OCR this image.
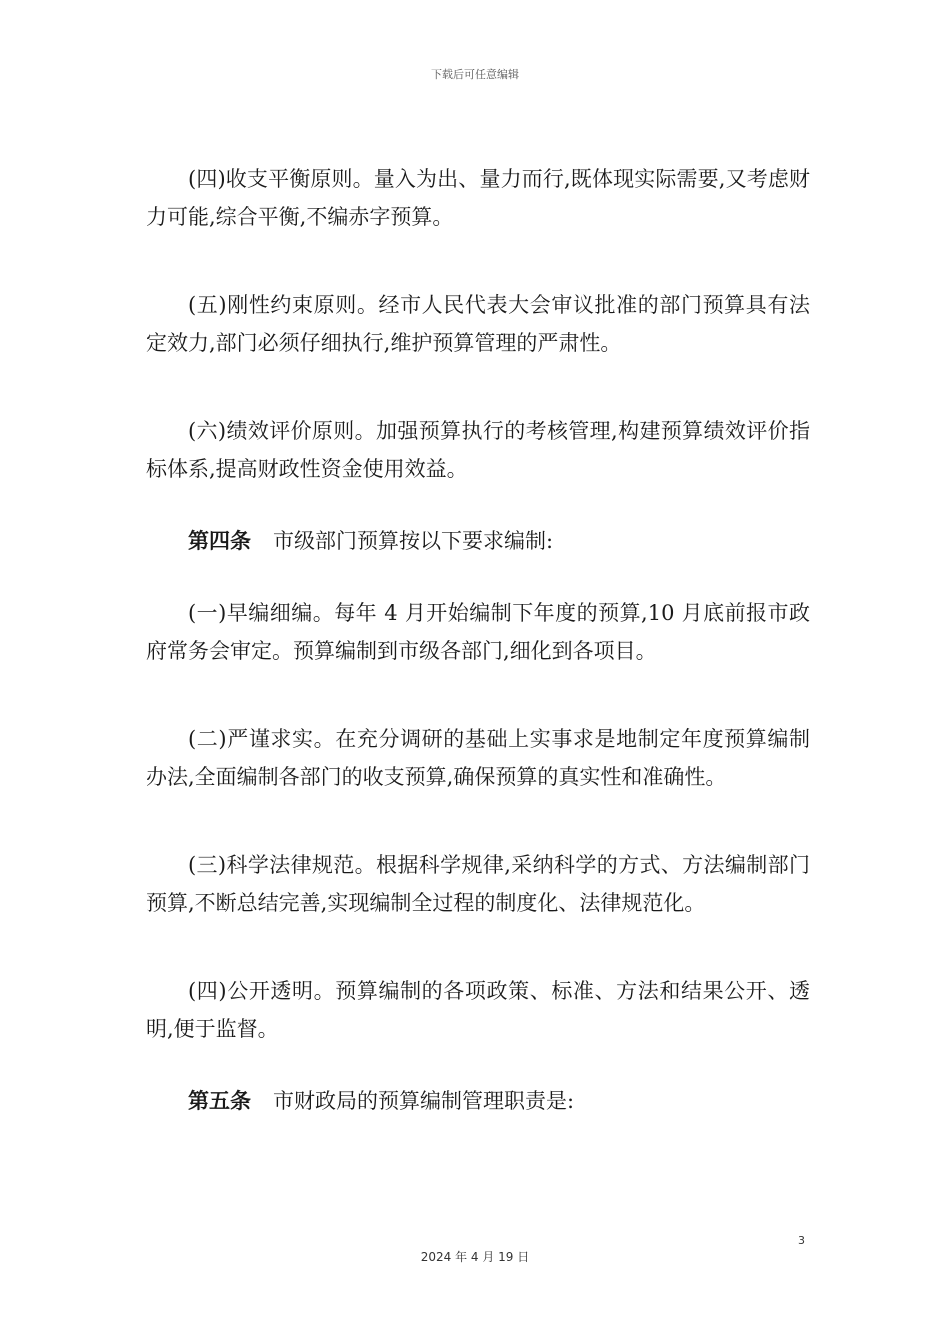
下载后可任意编辑

(四)收支平衡原则。量入为出、量力而行,既体现实际需要,又考虑财力可能,综合平衡,不编赤字预算。

(五)刚性约束原则。经市人民代表大会审议批准的部门预算具有法定效力,部门必须仔细执行,维护预算管理的严肃性。

(六)绩效评价原则。加强预算执行的考核管理,构建预算绩效评价指标体系,提高财政性资金使用效益。

第四条 市级部门预算按以下要求编制:

(一)早编细编。每年 4 月开始编制下年度的预算,10 月底前报市政府常务会审定。预算编制到市级各部门,细化到各项目。

(二)严谨求实。在充分调研的基础上实事求是地制定年度预算编制办法,全面编制各部门的收支预算,确保预算的真实性和准确性。

(三)科学法律规范。根据科学规律,采纳科学的方式、方法编制部门预算,不断总结完善,实现编制全过程的制度化、法律规范化。

(四)公开透明。预算编制的各项政策、标准、方法和结果公开、透明,便于监督。

第五条 市财政局的预算编制管理职责是:

3
2024 年 4 月 19 日
